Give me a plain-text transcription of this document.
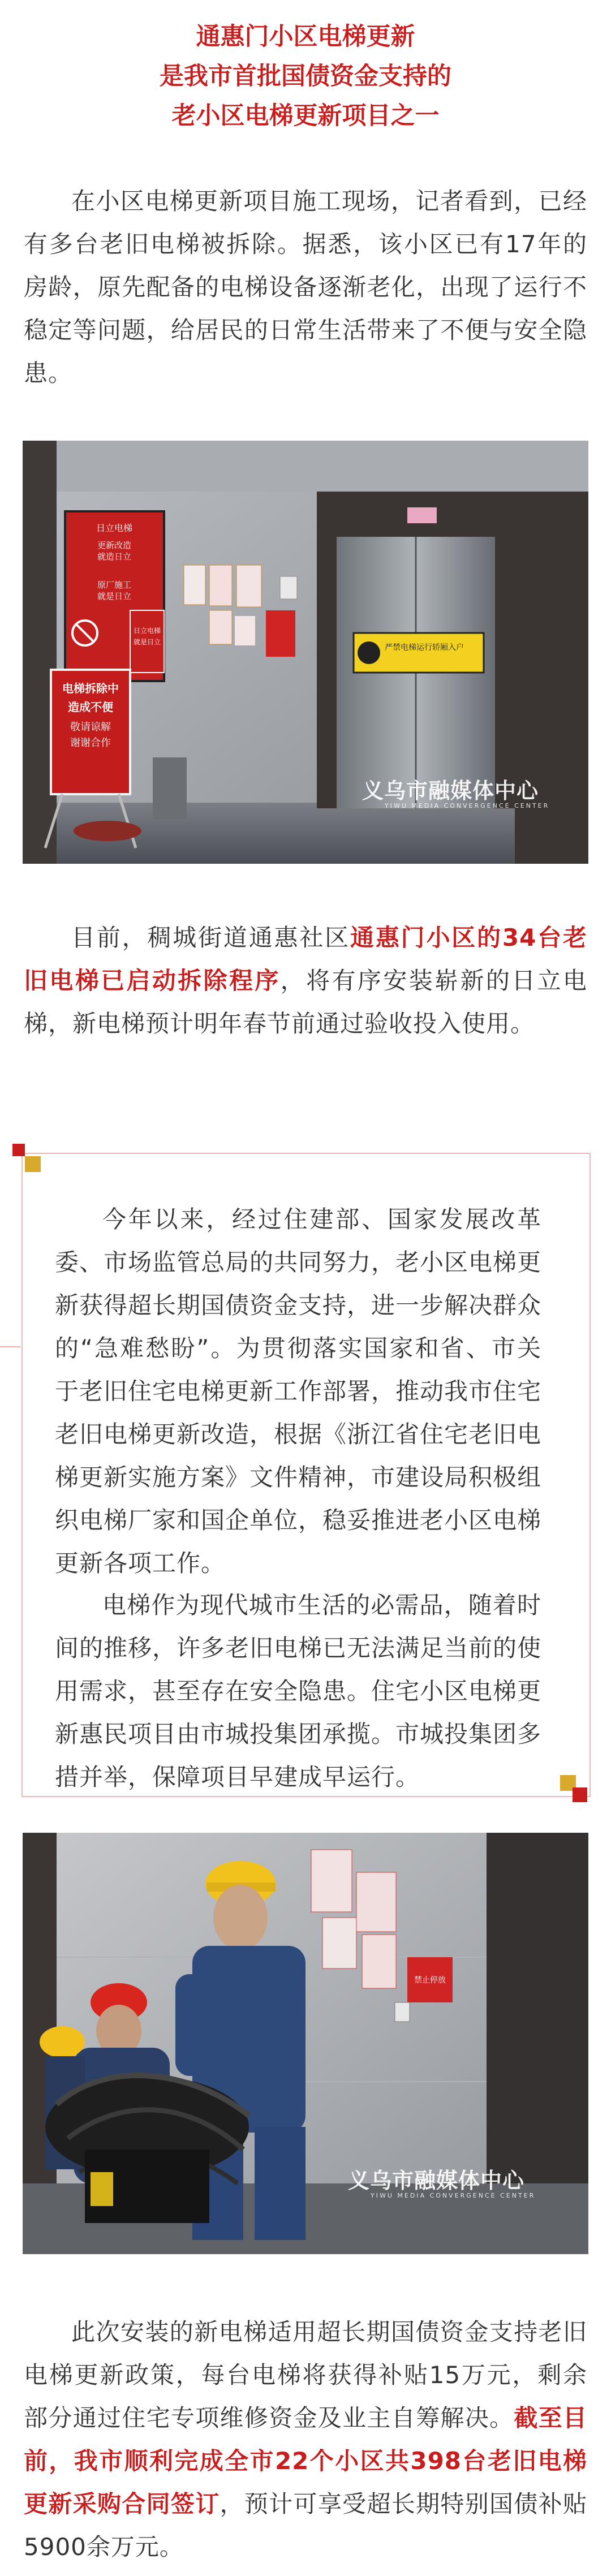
通惠门小区电梯更新
是我市首批国债资金支持的
老小区电梯更新项目之一

在小区电梯更新项目施工现场，记者看到，已经有多台老旧电梯被拆除。据悉，该小区已有17年的房龄，原先配备的电梯设备逐渐老化，出现了运行不稳定等问题，给居民的日常生活带来了不便与安全隐患。

严禁电梯运行轿厢入户
日立电梯
更新改造
就造日立
原厂施工
就是日立
日立电梯
就是日立
电梯拆除中
造成不便
敬请谅解
谢谢合作
义乌市融媒体中心
YIWU MEDIA CONVERGENCE CENTER

目前，稠城街道通惠社区通惠门小区的34台老旧电梯已启动拆除程序，将有序安装崭新的日立电梯，新电梯预计明年春节前通过验收投入使用。

今年以来，经过住建部、国家发展改革委、市场监管总局的共同努力，老小区电梯更新获得超长期国债资金支持，进一步解决群众的“急难愁盼”。为贯彻落实国家和省、市关于老旧住宅电梯更新工作部署，推动我市住宅老旧电梯更新改造，根据《浙江省住宅老旧电梯更新实施方案》文件精神，市建设局积极组织电梯厂家和国企单位，稳妥推进老小区电梯更新各项工作。

电梯作为现代城市生活的必需品，随着时间的推移，许多老旧电梯已无法满足当前的使用需求，甚至存在安全隐患。住宅小区电梯更新惠民项目由市城投集团承揽。市城投集团多措并举，保障项目早建成早运行。

禁止停放
义乌市融媒体中心
YIWU MEDIA CONVERGENCE CENTER

此次安装的新电梯适用超长期国债资金支持老旧电梯更新政策，每台电梯将获得补贴15万元，剩余部分通过住宅专项维修资金及业主自筹解决。截至目前，我市顺利完成全市22个小区共398台老旧电梯更新采购合同签订，预计可享受超长期特别国债补贴5900余万元。
